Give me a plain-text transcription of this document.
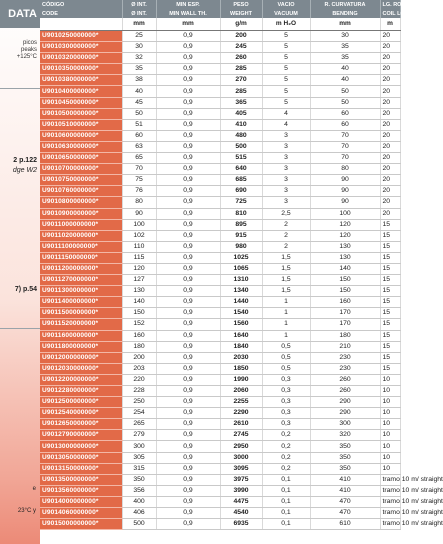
DATA
picos
peaks
+125°C
2 p.122
dge W2
7) p.54
e
23°C y
CÓDIGO	Ø INT.	MIN ESP.	PESO	VACIO	R. CURVATURA	LG. ROLLO
CODE	Ø INT.	MIN WALL TH.	WEIGHT	VACUUM	BENDING	COIL LGTH.
	mm	mm	g/m	m H₂O	mm	m
U9010250000000*	25	0,9	200	5	30	20
U9010300000000*	30	0,9	245	5	35	20
U9010320000000*	32	0,9	260	5	35	20
U9010350000000*	35	0,9	285	5	40	20
U9010380000000*	38	0,9	270	5	40	20
U9010400000000*	40	0,9	285	5	50	20
U9010450000000*	45	0,9	365	5	50	20
U9010500000000*	50	0,9	405	4	60	20
U9010510000000*	51	0,9	410	4	60	20
U9010600000000*	60	0,9	480	3	70	20
U9010630000000*	63	0,9	500	3	70	20
U9010650000000*	65	0,9	515	3	70	20
U9010700000000*	70	0,9	640	3	80	20
U9010750000000*	75	0,9	685	3	90	20
U9010760000000*	76	0,9	690	3	90	20
U9010800000000*	80	0,9	725	3	90	20
U9010900000000*	90	0,9	810	2,5	100	20
U9011000000000*	100	0,9	895	2	120	15
U9011020000000*	102	0,9	915	2	120	15
U9011100000000*	110	0,9	980	2	130	15
U9011150000000*	115	0,9	1025	1,5	130	15
U9011200000000*	120	0,9	1065	1,5	140	15
U9011270000000*	127	0,9	1310	1,5	150	15
U9011300000000*	130	0,9	1340	1,5	150	15
U9011400000000*	140	0,9	1440	1	160	15
U9011500000000*	150	0,9	1540	1	170	15
U9011520000000*	152	0,9	1560	1	170	15
U9011600000000*	160	0,9	1640	1	180	15
U9011800000000*	180	0,9	1840	0,5	210	15
U9012000000000*	200	0,9	2030	0,5	230	15
U9012030000000*	203	0,9	1850	0,5	230	15
U9012200000000*	220	0,9	1990	0,3	260	10
U9012280000000*	228	0,9	2060	0,3	260	10
U9012500000000*	250	0,9	2255	0,3	290	10
U9012540000000*	254	0,9	2290	0,3	290	10
U9012650000000*	265	0,9	2610	0,3	300	10
U9012790000000*	279	0,9	2745	0,2	320	10
U9013000000000*	300	0,9	2950	0,2	350	10
U9013050000000*	305	0,9	3000	0,2	350	10
U9013150000000*	315	0,9	3095	0,2	350	10
U9013500000000*	350	0,9	3975	0,1	410	tramo 10 m/ straight
U9013560000000*	356	0,9	3990	0,1	410	tramo 10 m/ straight
U9014000000000*	400	0,9	4475	0,1	470	tramo 10 m/ straight
U9014060000000*	406	0,9	4540	0,1	470	tramo 10 m/ straight
U9015000000000*	500	0,9	6935	0,1	610	tramo 10 m/ straight
